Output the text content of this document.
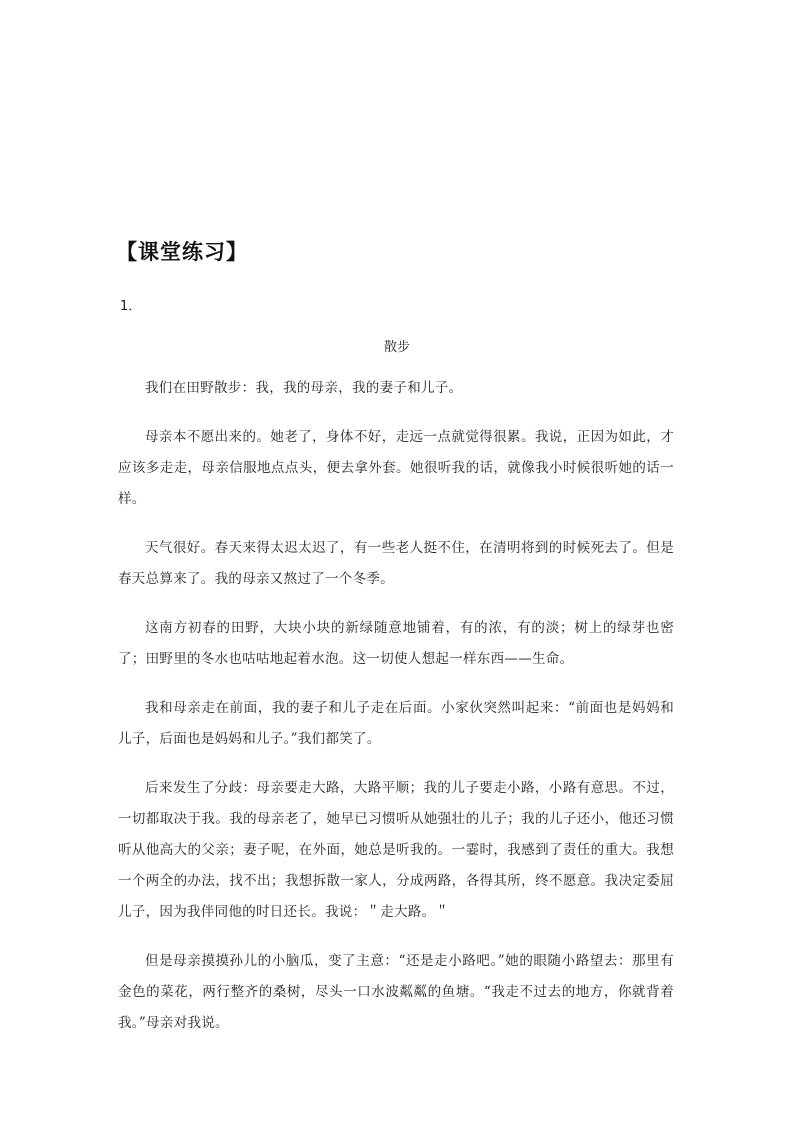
【课堂练习】
1．
散步

我们在田野散步：我，我的母亲，我的妻子和儿子。

母亲本不愿出来的。她老了，身体不好，走远一点就觉得很累。我说，正因为如此，才应该多走走，母亲信服地点点头，便去拿外套。她很听我的话，就像我小时候很听她的话一样。

天气很好。春天来得太迟太迟了，有一些老人挺不住，在清明将到的时候死去了。但是春天总算来了。我的母亲又熬过了一个冬季。

这南方初春的田野，大块小块的新绿随意地铺着，有的浓，有的淡；树上的绿芽也密了；田野里的冬水也咕咕地起着水泡。这一切使人想起一样东西——生命。

我和母亲走在前面，我的妻子和儿子走在后面。小家伙突然叫起来：“前面也是妈妈和儿子，后面也是妈妈和儿子。”我们都笑了。

后来发生了分歧：母亲要走大路，大路平顺；我的儿子要走小路，小路有意思。不过，一切都取决于我。我的母亲老了，她早已习惯听从她强壮的儿子；我的儿子还小，他还习惯听从他高大的父亲；妻子呢，在外面，她总是听我的。一霎时，我感到了责任的重大。我想一个两全的办法，找不出；我想拆散一家人，分成两路，各得其所，终不愿意。我决定委屈儿子，因为我伴同他的时日还长。我说：＂走大路。＂

但是母亲摸摸孙儿的小脑瓜，变了主意：“还是走小路吧。”她的眼随小路望去：那里有金色的菜花，两行整齐的桑树，尽头一口水波粼粼的鱼塘。“我走不过去的地方，你就背着我。”母亲对我说。
